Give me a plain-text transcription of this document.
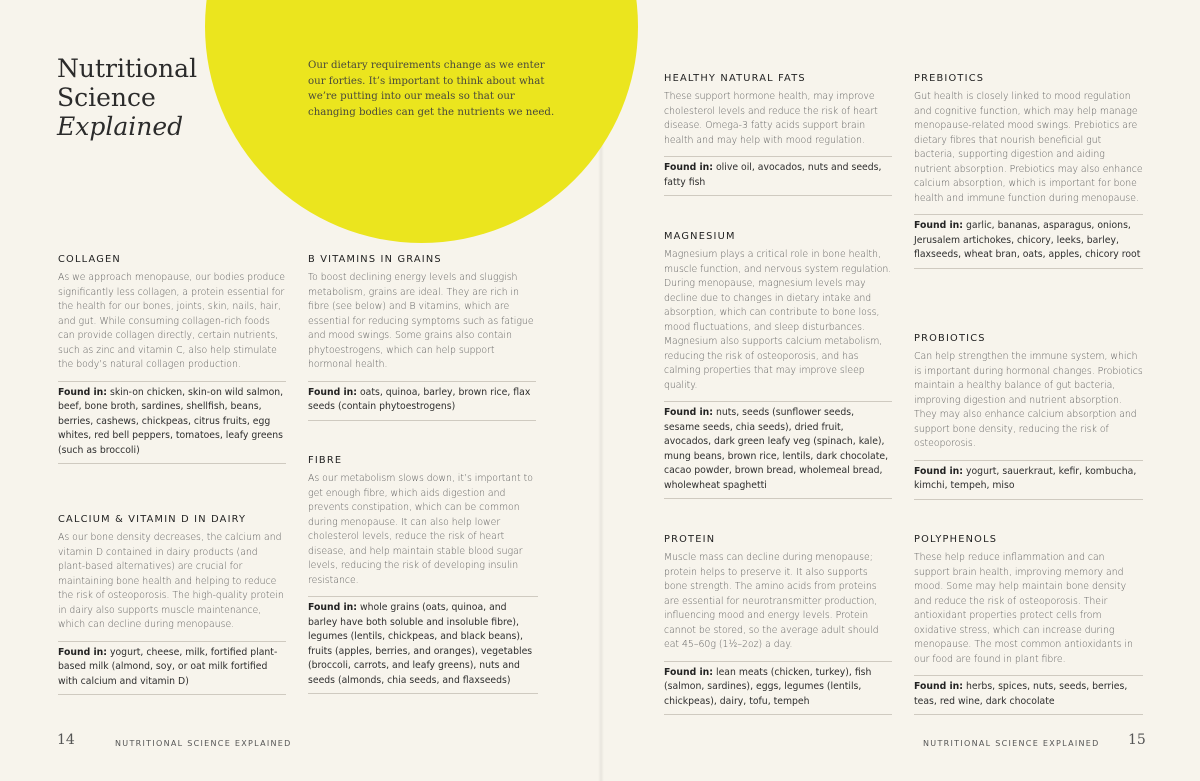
Nutritional
Science
Explained

Our dietary requirements change as we enter our forties. It’s important to think about what we’re putting into our meals so that our changing bodies can get the nutrients we need.

COLLAGEN

As we approach menopause, our bodies produce significantly less collagen, a protein essential for the health for our bones, joints, skin, nails, hair, and gut. While consuming collagen-rich foods can provide collagen directly, certain nutrients, such as zinc and vitamin C, also help stimulate the body’s natural collagen production.

Found in: skin-on chicken, skin-on wild salmon, beef, bone broth, sardines, shellfish, beans, berries, cashews, chickpeas, citrus fruits, egg whites, red bell peppers, tomatoes, leafy greens (such as broccoli)
CALCIUM & VITAMIN D IN DAIRY

As our bone density decreases, the calcium and vitamin D contained in dairy products (and plant-based alternatives) are crucial for maintaining bone health and helping to reduce the risk of osteoporosis. The high-quality protein in dairy also supports muscle maintenance, which can decline during menopause.

Found in: yogurt, cheese, milk, fortified plant-based milk (almond, soy, or oat milk fortified with calcium and vitamin D)
B VITAMINS IN GRAINS

To boost declining energy levels and sluggish metabolism, grains are ideal. They are rich in fibre (see below) and B vitamins, which are essential for reducing symptoms such as fatigue and mood swings. Some grains also contain phytoestrogens, which can help support hormonal health.

Found in: oats, quinoa, barley, brown rice, flax seeds (contain phytoestrogens)
FIBRE

As our metabolism slows down, it’s important to get enough fibre, which aids digestion and prevents constipation, which can be common during menopause. It can also help lower cholesterol levels, reduce the risk of heart disease, and help maintain stable blood sugar levels, reducing the risk of developing insulin resistance.

Found in: whole grains (oats, quinoa, and barley have both soluble and insoluble fibre), legumes (lentils, chickpeas, and black beans), fruits (apples, berries, and oranges), vegetables (broccoli, carrots, and leafy greens), nuts and seeds (almonds, chia seeds, and flaxseeds)
HEALTHY NATURAL FATS

These support hormone health, may improve cholesterol levels and reduce the risk of heart disease. Omega-3 fatty acids support brain health and may help with mood regulation.

Found in: olive oil, avocados, nuts and seeds, fatty fish
MAGNESIUM

Magnesium plays a critical role in bone health, muscle function, and nervous system regulation. During menopause, magnesium levels may decline due to changes in dietary intake and absorption, which can contribute to bone loss, mood fluctuations, and sleep disturbances. Magnesium also supports calcium metabolism, reducing the risk of osteoporosis, and has calming properties that may improve sleep quality.

Found in: nuts, seeds (sunflower seeds, sesame seeds, chia seeds), dried fruit, avocados, dark green leafy veg (spinach, kale), mung beans, brown rice, lentils, dark chocolate, cacao powder, brown bread, wholemeal bread, wholewheat spaghetti
PROTEIN

Muscle mass can decline during menopause; protein helps to preserve it. It also supports bone strength. The amino acids from proteins are essential for neurotransmitter production, influencing mood and energy levels. Protein cannot be stored, so the average adult should eat 45–60g (1½–2oz) a day.

Found in: lean meats (chicken, turkey), fish (salmon, sardines), eggs, legumes (lentils, chickpeas), dairy, tofu, tempeh
PREBIOTICS

Gut health is closely linked to mood regulation and cognitive function, which may help manage menopause-related mood swings. Prebiotics are dietary fibres that nourish beneficial gut bacteria, supporting digestion and aiding nutrient absorption. Prebiotics may also enhance calcium absorption, which is important for bone health and immune function during menopause.

Found in: garlic, bananas, asparagus, onions, Jerusalem artichokes, chicory, leeks, barley, flaxseeds, wheat bran, oats, apples, chicory root
PROBIOTICS

Can help strengthen the immune system, which is important during hormonal changes. Probiotics maintain a healthy balance of gut bacteria, improving digestion and nutrient absorption. They may also enhance calcium absorption and support bone density, reducing the risk of osteoporosis.

Found in: yogurt, sauerkraut, kefir, kombucha, kimchi, tempeh, miso
POLYPHENOLS

These help reduce inflammation and can support brain health, improving memory and mood. Some may help maintain bone density and reduce the risk of osteoporosis. Their antioxidant properties protect cells from oxidative stress, which can increase during menopause. The most common antioxidants in our food are found in plant fibre.

Found in: herbs, spices, nuts, seeds, berries, teas, red wine, dark chocolate
14	NUTRITIONAL SCIENCE EXPLAINED	NUTRITIONAL SCIENCE EXPLAINED 15
